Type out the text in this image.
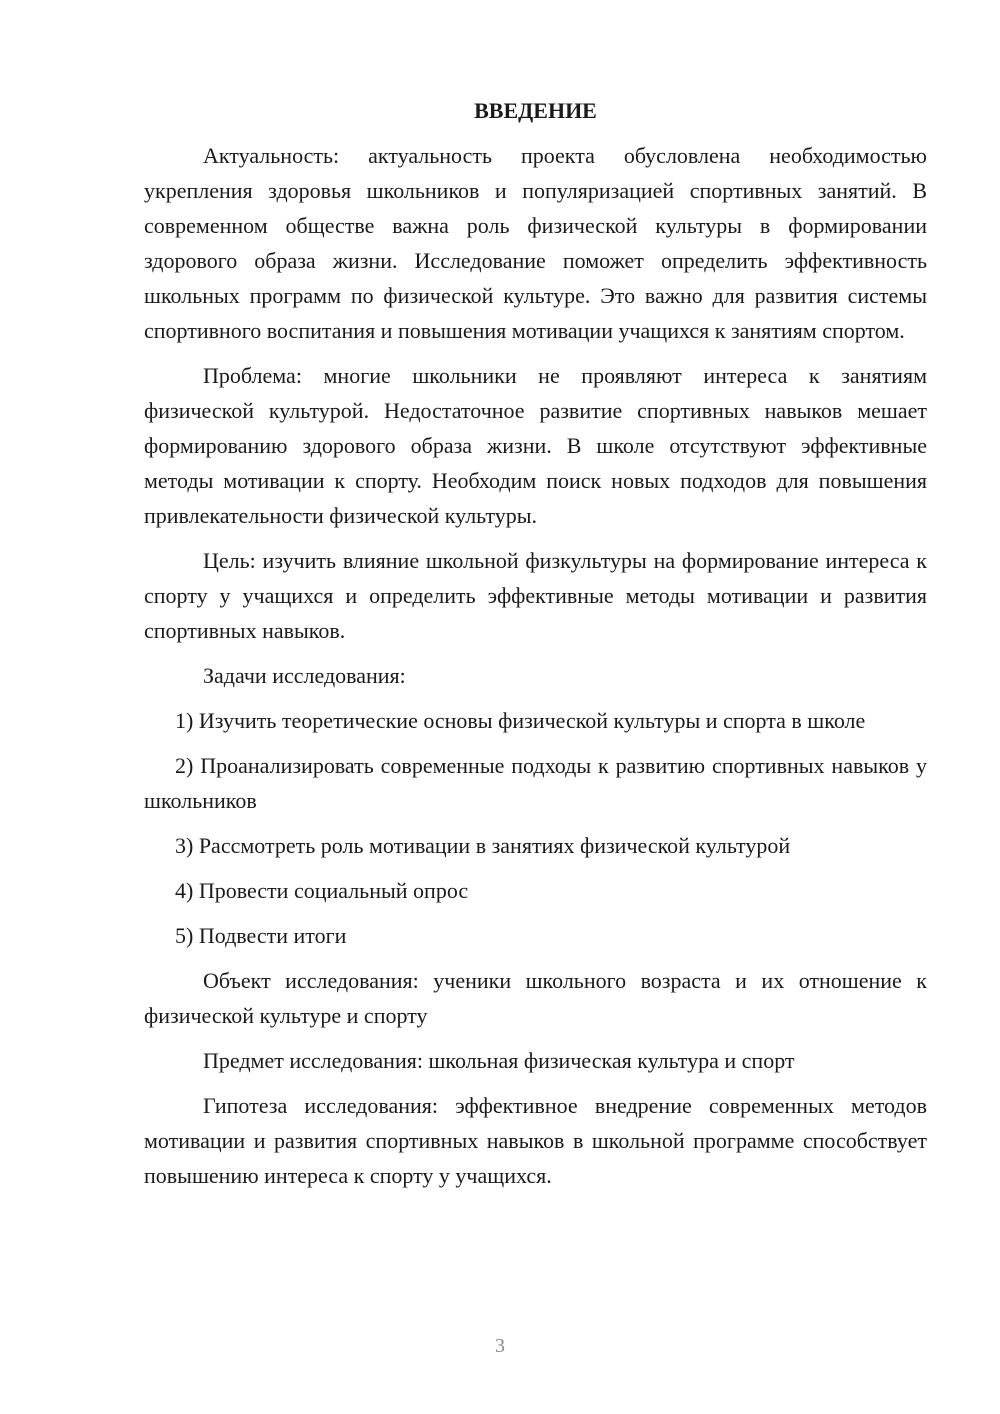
ВВЕДЕНИЕ

Актуальность: актуальность проекта обусловлена необходимостью укрепления здоровья школьников и популяризацией спортивных занятий. В современном обществе важна роль физической культуры в формировании здорового образа жизни. Исследование поможет определить эффективность школьных программ по физической культуре. Это важно для развития системы спортивного воспитания и повышения мотивации учащихся к занятиям спортом.

Проблема: многие школьники не проявляют интереса к занятиям физической культурой. Недостаточное развитие спортивных навыков мешает формированию здорового образа жизни. В школе отсутствуют эффективные методы мотивации к спорту. Необходим поиск новых подходов для повышения привлекательности физической культуры.

Цель: изучить влияние школьной физкультуры на формирование интереса к спорту у учащихся и определить эффективные методы мотивации и развития спортивных навыков.

Задачи исследования:

1) Изучить теоретические основы физической культуры и спорта в школе

2) Проанализировать современные подходы к развитию спортивных навыков у школьников

3) Рассмотреть роль мотивации в занятиях физической культурой

4) Провести социальный опрос

5) Подвести итоги

Объект исследования: ученики школьного возраста и их отношение к физической культуре и спорту

Предмет исследования: школьная физическая культура и спорт

Гипотеза исследования: эффективное внедрение современных методов мотивации и развития спортивных навыков в школьной программе способствует повышению интереса к спорту у учащихся.

3
